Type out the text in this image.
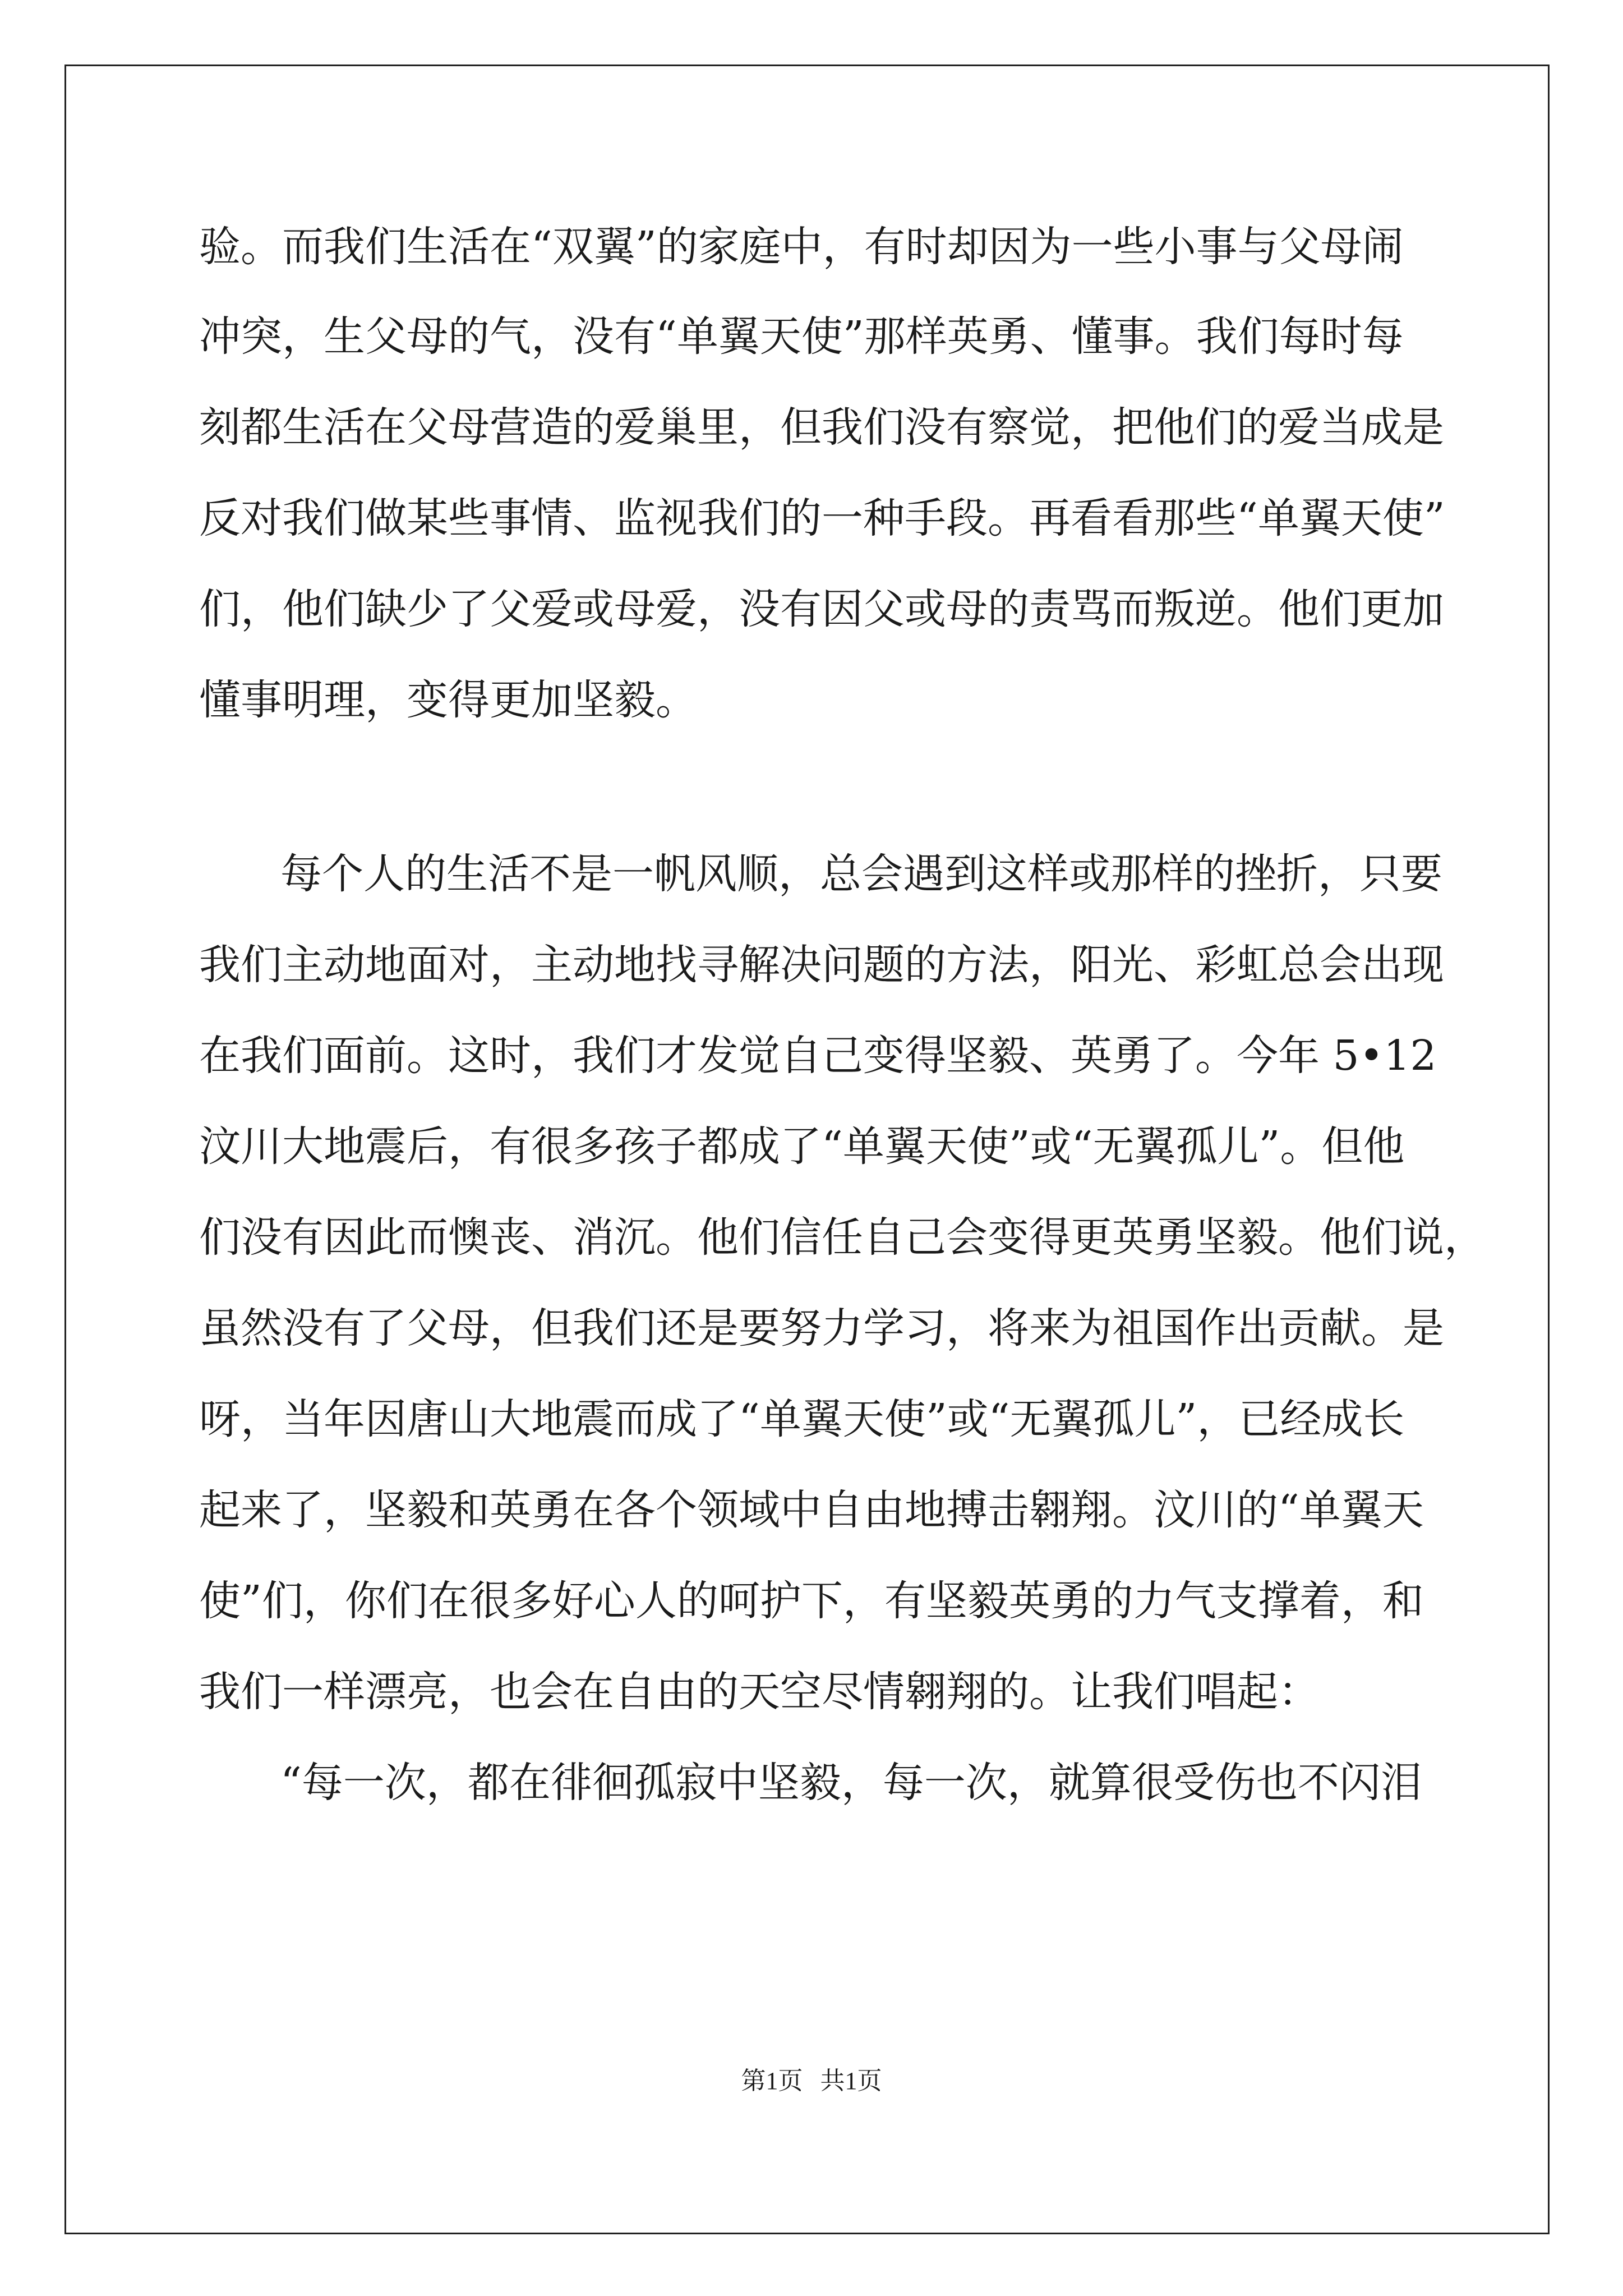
验。而我们生活在“双翼”的家庭中，有时却因为一些小事与父母闹
冲突，生父母的气，没有“单翼天使”那样英勇、懂事。我们每时每
刻都生活在父母营造的爱巢里，但我们没有察觉，把他们的爱当成是
反对我们做某些事情、监视我们的一种手段。再看看那些“单翼天使”
们，他们缺少了父爱或母爱，没有因父或母的责骂而叛逆。他们更加
懂事明理，变得更加坚毅。
每个人的生活不是一帆风顺，总会遇到这样或那样的挫折，只要
我们主动地面对，主动地找寻解决问题的方法，阳光、彩虹总会出现
在我们面前。这时，我们才发觉自己变得坚毅、英勇了。今年 5•12
汶川大地震后，有很多孩子都成了“单翼天使”或“无翼孤儿”。但他
们没有因此而懊丧、消沉。他们信任自己会变得更英勇坚毅。他们说，
虽然没有了父母，但我们还是要努力学习，将来为祖国作出贡献。是
呀，当年因唐山大地震而成了“单翼天使”或“无翼孤儿”，已经成长
起来了，坚毅和英勇在各个领域中自由地搏击翱翔。汶川的“单翼天
使”们，你们在很多好心人的呵护下，有坚毅英勇的力气支撑着，和
我们一样漂亮，也会在自由的天空尽情翱翔的。让我们唱起：
“每一次，都在徘徊孤寂中坚毅，每一次，就算很受伤也不闪泪
第1页 共1页
